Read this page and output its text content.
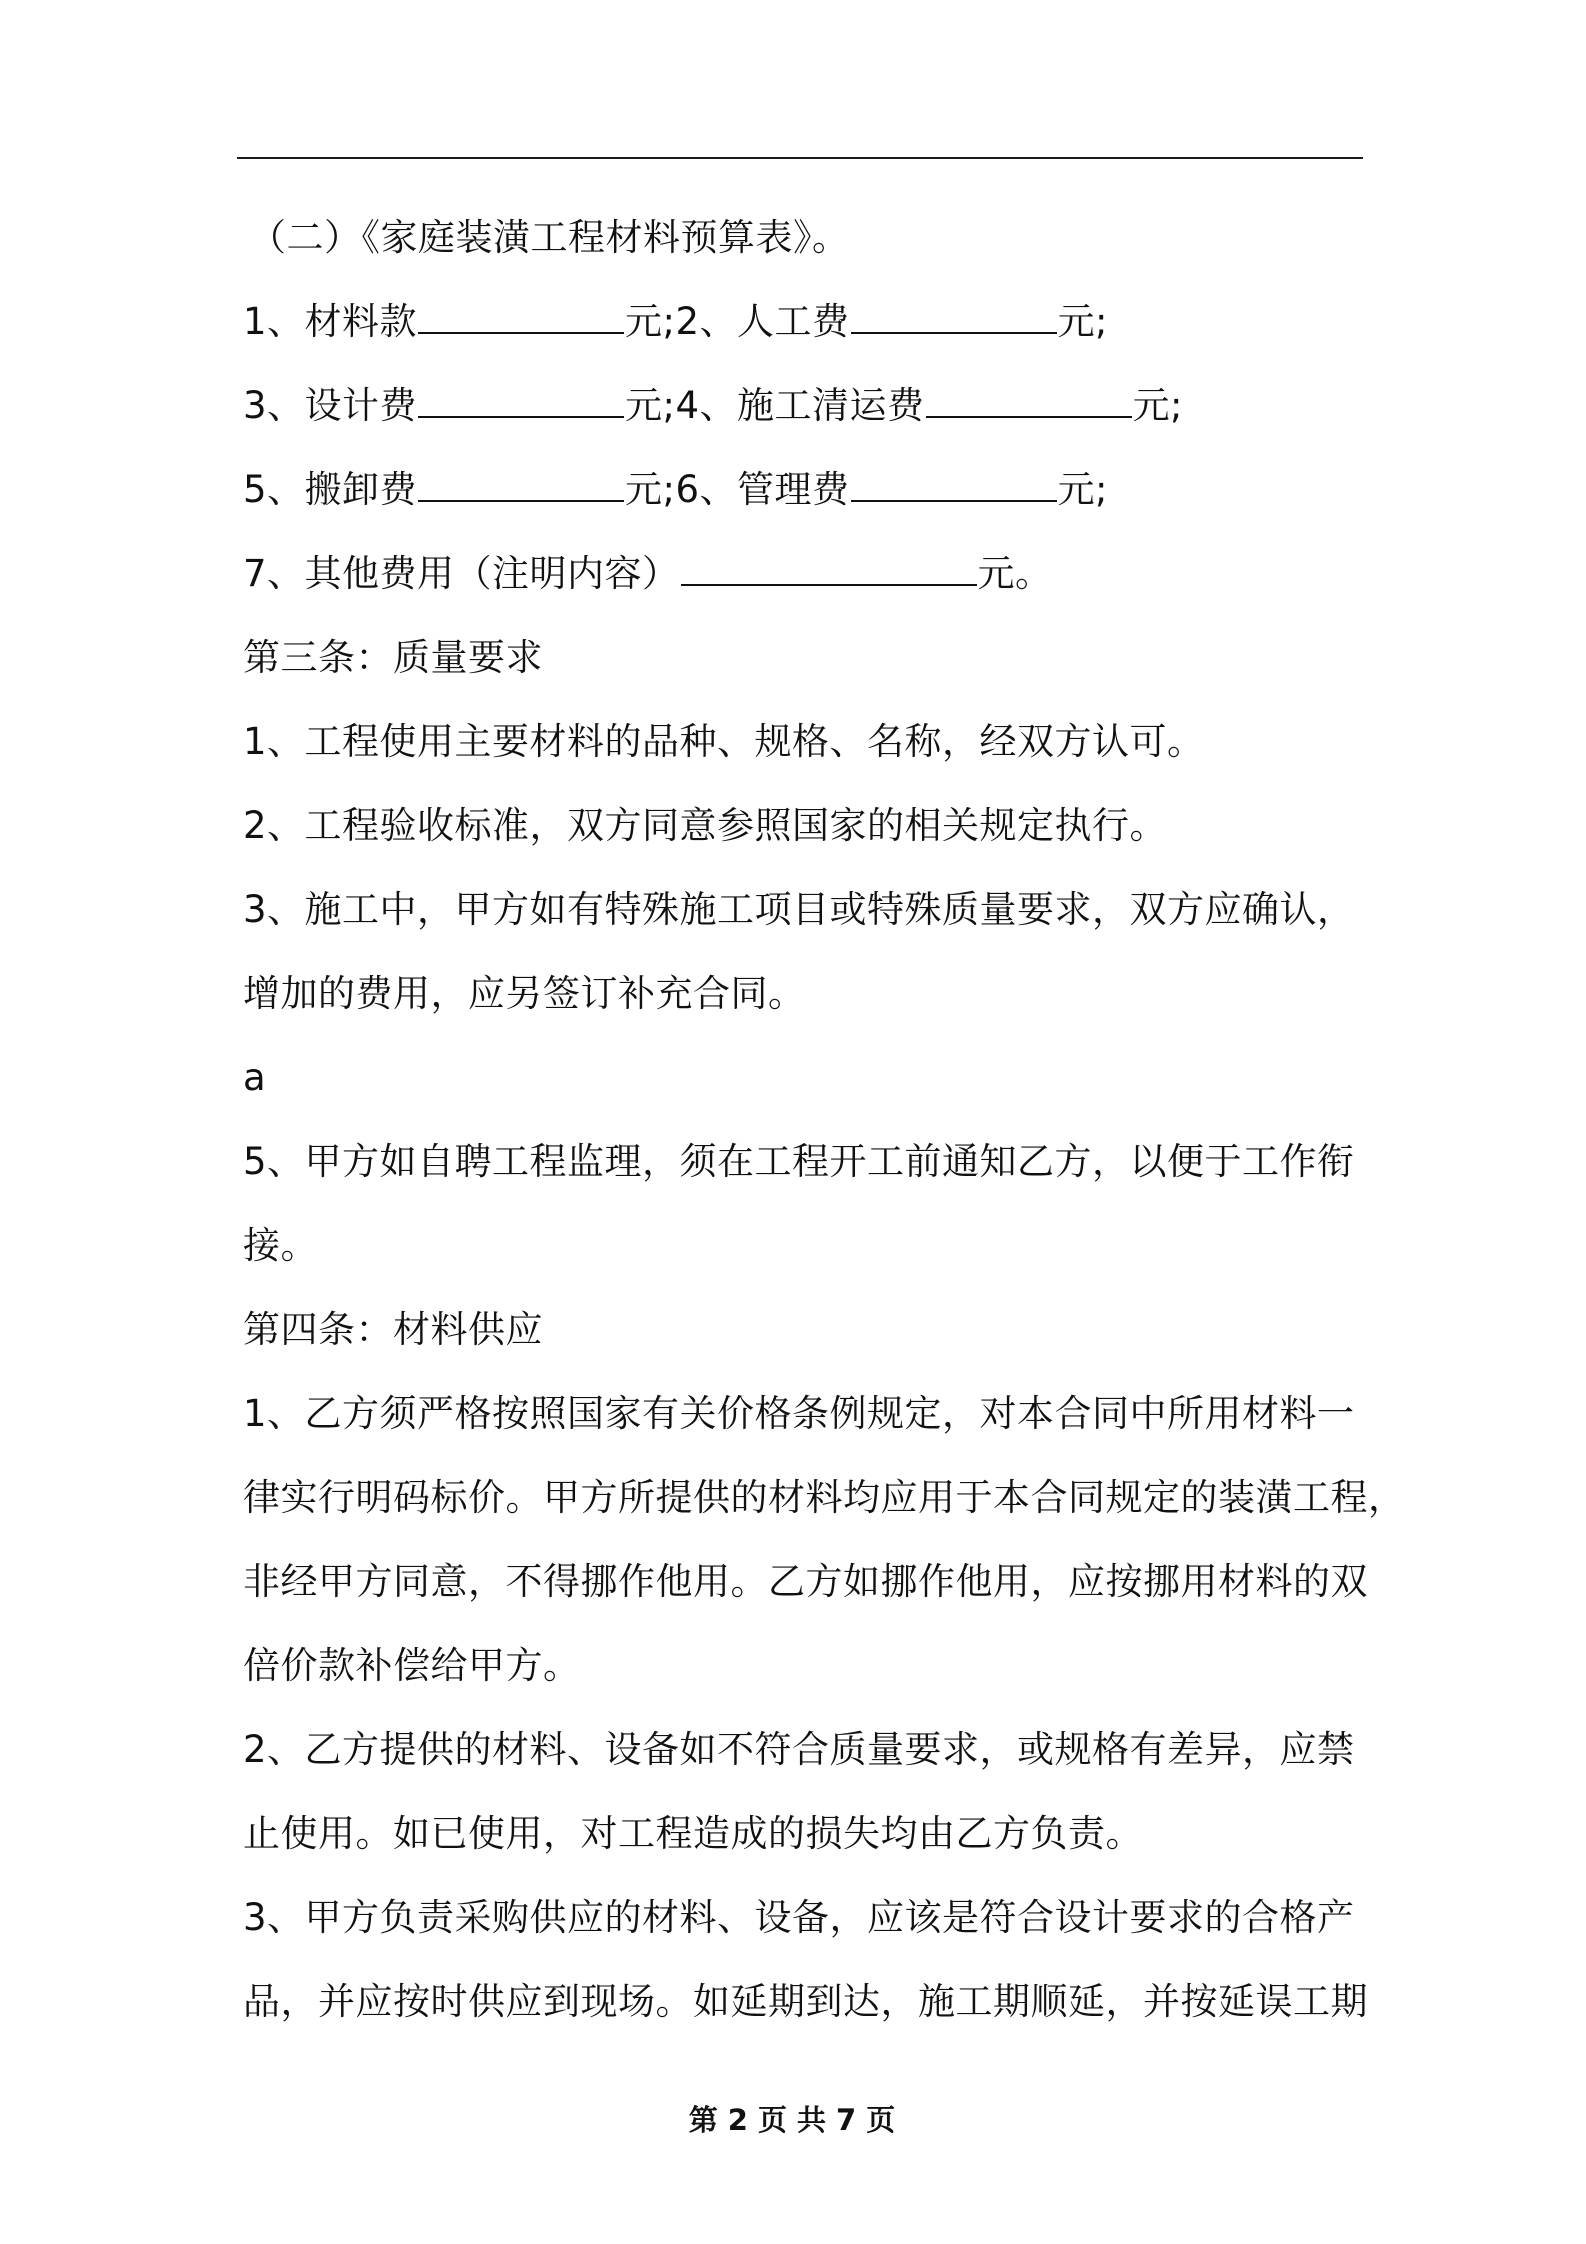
（二）《家庭装潢工程材料预算表》。
1、材料款	元;2、人工费	元;
3、设计费	元;4、施工清运费	元;
5、搬卸费	元;6、管理费	元;
7、其他费用（注明内容）	元。
第三条：质量要求
1、工程使用主要材料的品种、规格、名称，经双方认可。
2、工程验收标准，双方同意参照国家的相关规定执行。
3、施工中，甲方如有特殊施工项目或特殊质量要求，双方应确认，
增加的费用，应另签订补充合同。
a
5、甲方如自聘工程监理，须在工程开工前通知乙方，以便于工作衔
接。
第四条：材料供应
1、乙方须严格按照国家有关价格条例规定，对本合同中所用材料一
律实行明码标价。甲方所提供的材料均应用于本合同规定的装潢工程，
非经甲方同意，不得挪作他用。乙方如挪作他用，应按挪用材料的双
倍价款补偿给甲方。
2、乙方提供的材料、设备如不符合质量要求，或规格有差异，应禁
止使用。如已使用，对工程造成的损失均由乙方负责。
3、甲方负责采购供应的材料、设备，应该是符合设计要求的合格产
品，并应按时供应到现场。如延期到达，施工期顺延，并按延误工期
第 2 页 共 7 页
